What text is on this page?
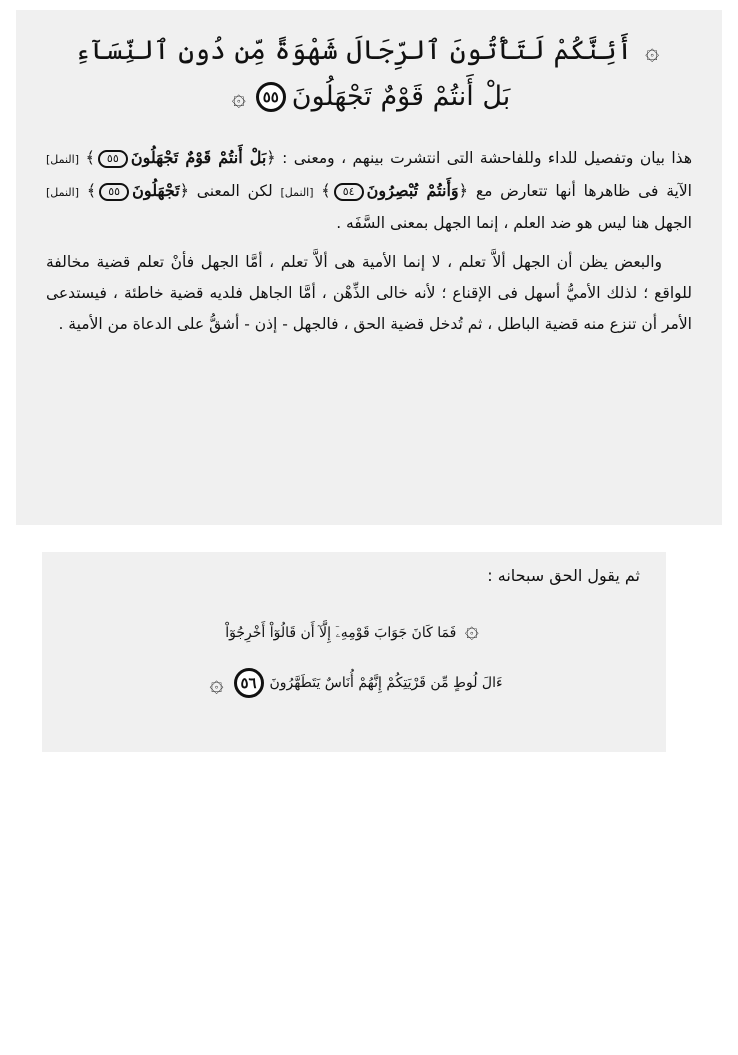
۞ أَئِنَّكُمْ لَتَأْتُونَ ٱلرِّجَالَ شَهْوَةً مِّن دُونِ ٱلنِّسَآءِ
بَلْ أَنتُمْ قَوْمٌ تَجْهَلُونَ
٥٥
۞

هذا بيان وتفصيل للداء وللفاحشة التى انتشرت بينهم ، ومعنى : ﴿بَلْ أَنتُمْ قَوْمٌ تَجْهَلُونَ٥٥﴾ [النمل] الآية فى ظاهرها أنها تتعارض مع ﴿وَأَنتُمْ تُبْصِرُونَ٥٤﴾ [النمل] لكن المعنى ﴿تَجْهَلُونَ٥٥﴾ [النمل] الجهل هنا ليس هو ضد العلم ، إنما الجهل بمعنى السَّفَه .

والبعض يظن أن الجهل ألاَّ تعلم ، لا إنما الأمية هى ألاَّ تعلم ، أمَّا الجهل فأنْ تعلم قضية مخالفة للواقع ؛ لذلك الأميُّ أسهل فى الإقناع ؛ لأنه خالى الذِّهْن ، أمَّا الجاهل فلديه قضية خاطئة ، فيستدعى الأمر أن تنزع منه قضية الباطل ، ثم تُدخل قضية الحق ، فالجهل - إذن - أشقُّ على الدعاة من الأمية .

ثم يقول الحق سبحانه :

۞ فَمَا كَانَ جَوَابَ قَوْمِهِۦٓ إِلَّآ أَن قَالُوٓاْ أَخْرِجُوٓاْ
ءَالَ لُوطٍ مِّن قَرْيَتِكُمْ إِنَّهُمْ أُنَاسٌ يَتَطَهَّرُونَ
٥٦
۞
